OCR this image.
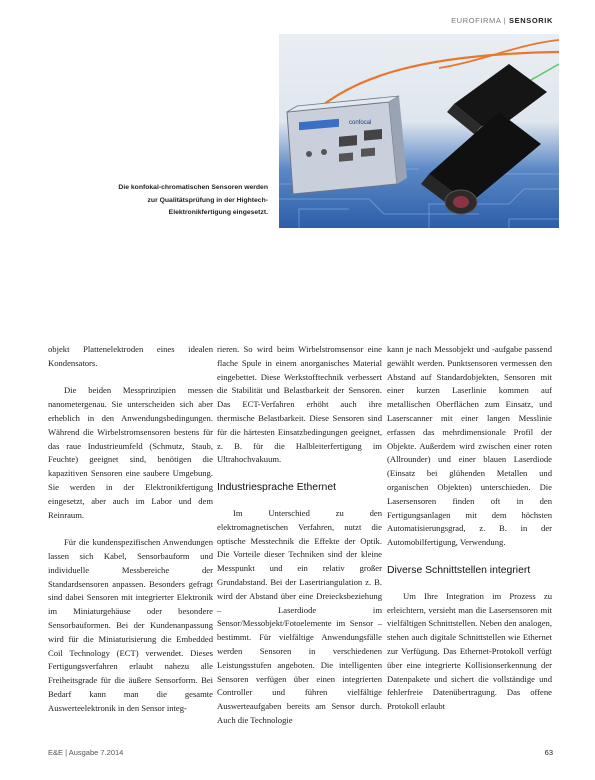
EUROFIRMA | SENSORIK
confocal
Die konfokal-chromatischen Sensoren werden zur Qualitätsprüfung in der Hightech-Elektronikfertigung eingesetzt.

objekt Plattenelektroden eines idealen Kondensators.

Die beiden Messprinzipien messen nanometergenau. Sie unterscheiden sich aber erheblich in den Anwendungsbedingungen. Während die Wirbelstromsensoren bestens für das raue Industrieumfeld (Schmutz, Staub, Feuchte) geeignet sind, benötigen die kapazitiven Sensoren eine saubere Umgebung. Sie werden in der Elektronikfertigung eingesetzt, aber auch im Labor und dem Reinraum.

Für die kundenspezifischen Anwendungen lassen sich Kabel, Sensorbauform und individuelle Messbereiche der Standardsensoren anpassen. Besonders gefragt sind dabei Sensoren mit integrierter Elektronik im Miniaturgehäuse oder besondere Sensorbauformen. Bei der Kundenanpassung wird für die Miniaturisierung die Embedded Coil Technology (ECT) verwendet. Dieses Fertigungsverfahren erlaubt nahezu alle Freiheitsgrade für die äußere Sensorform. Bei Bedarf kann man die gesamte Auswerteelektronik in den Sensor integ-

rieren. So wird beim Wirbelstromsensor eine flache Spule in einem anorganisches Material eingebettet. Diese Werkstofftechnik verbessert die Stabilität und Belastbarkeit der Sensoren. Das ECT-Verfahren erhöht auch ihre thermische Belastbarkeit. Diese Sensoren sind für die härtesten Einsatzbedingungen geeignet, z. B. für die Halbleiterfertigung im Ultrahochvakuum.

Industriesprache Ethernet

Im Unterschied zu den elektromagnetischen Verfahren, nutzt die optische Messtechnik die Effekte der Optik. Die Vorteile dieser Techniken sind der kleine Messpunkt und ein relativ großer Grundabstand. Bei der Lasertriangulation z. B. wird der Abstand über eine Dreiecksbeziehung – Laserdiode im Sensor/Messobjekt/Fotoelemente im Sensor – bestimmt. Für vielfältige Anwendungsfälle werden Sensoren in verschiedenen Leistungsstufen angeboten. Die intelligenten Sensoren verfügen über einen integrierten Controller und führen vielfältige Auswerteaufgaben bereits am Sensor durch. Auch die Technologie

kann je nach Messobjekt und -aufgabe passend gewählt werden. Punktsensoren vermessen den Abstand auf Standardobjekten, Sensoren mit einer kurzen Laserlinie kommen auf metallischen Oberflächen zum Einsatz, und Laserscanner mit einer langen Messlinie erfassen das mehrdimensionale Profil der Objekte. Außerdem wird zwischen einer roten (Allrounder) und einer blauen Laserdiode (Einsatz bei glühenden Metallen und organischen Objekten) unterschieden. Die Lasersensoren finden oft in den Fertigungsanlagen mit dem höchsten Automatisierungsgrad, z. B. in der Automobilfertigung, Verwendung.

Diverse Schnittstellen integriert

Um Ihre Integration im Prozess zu erleichtern, versieht man die Lasersensoren mit vielfältigen Schnittstellen. Neben den analogen, stehen auch digitale Schnittstellen wie Ethernet zur Verfügung. Das Ethernet-Protokoll verfügt über eine integrierte Kollisionserkennung der Datenpakete und sichert die vollständige und fehlerfreie Datenübertragung. Das offene Protokoll erlaubt

E&E | Ausgabe 7.2014	63
